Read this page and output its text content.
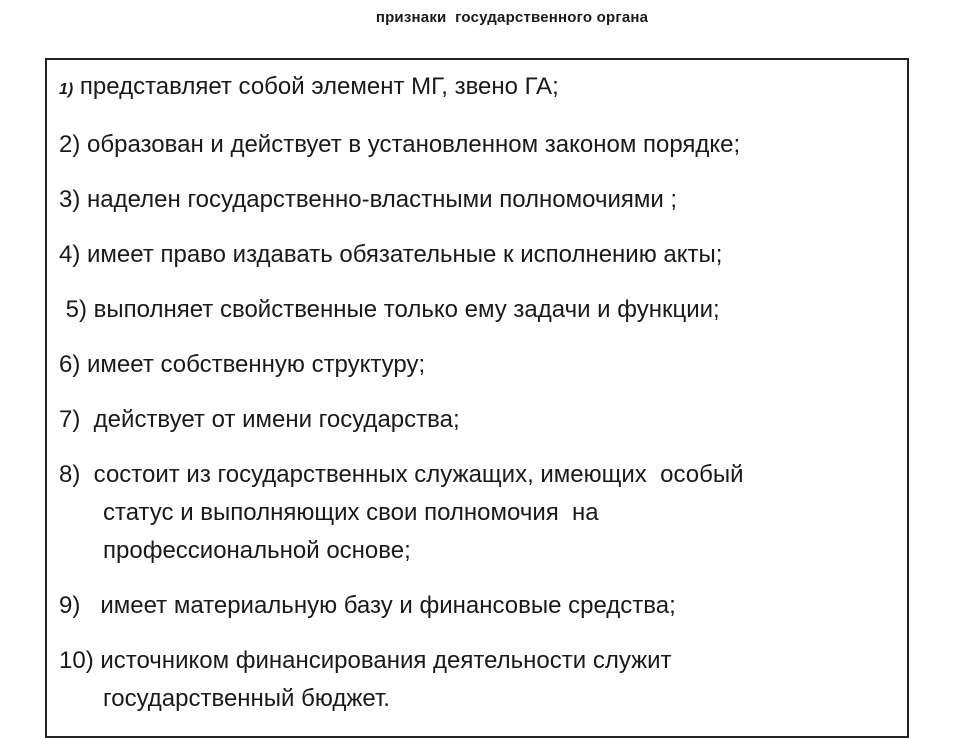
признаки  государственного органа
1) представляет собой элемент МГ, звено ГА;
2) образован и действует в установленном законом порядке;
3) наделен государственно-властными полномочиями ;
4) имеет право издавать обязательные к исполнению акты;
5) выполняет свойственные только ему задачи и функции;
6) имеет собственную структуру;
7)  действует от имени государства;
8)  состоит из государственных служащих, имеющих  особый
статус и выполняющих свои полномочия  на
профессиональной основе;
9)   имеет материальную базу и финансовые средства;
10) источником финансирования деятельности служит
государственный бюджет.
